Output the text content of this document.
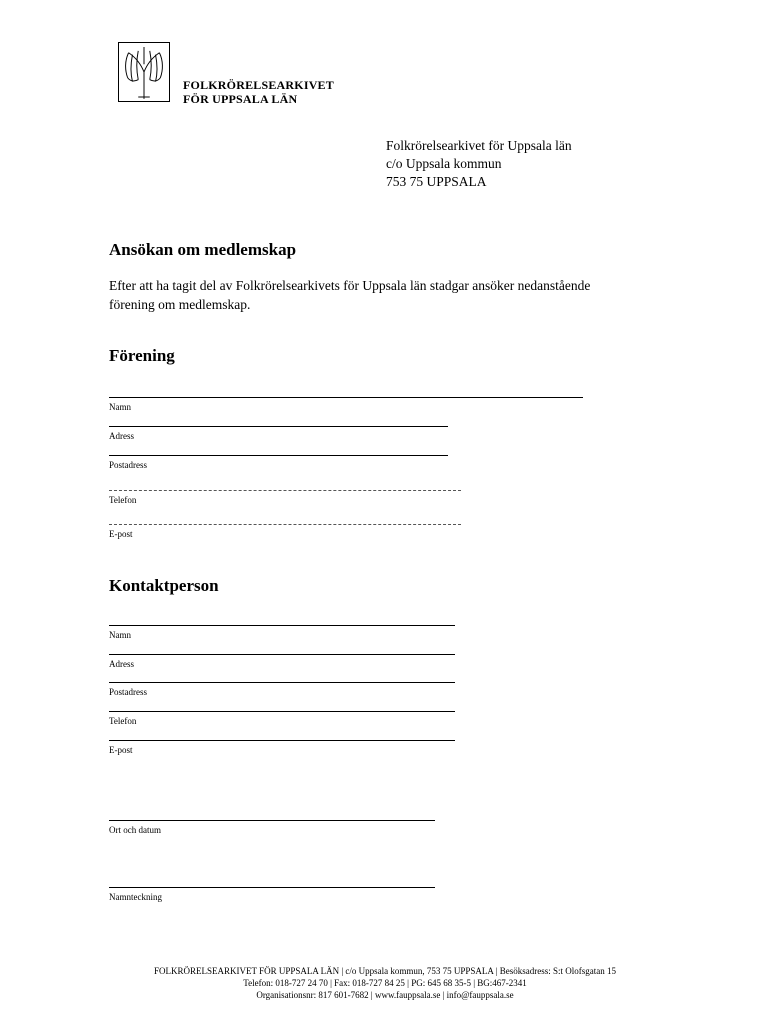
FOLKRÖRELSEARKIVET
FÖR UPPSALA LÄN
Folkrörelsearkivet för Uppsala län
c/o Uppsala kommun
753 75 UPPSALA
Ansökan om medlemskap
Efter att ha tagit del av Folkrörelsearkivets för Uppsala län stadgar ansöker nedanstående
förening om medlemskap.
Förening
Namn
Adress
Postadress
Telefon
E-post
Kontaktperson
Namn
Adress
Postadress
Telefon
E-post
Ort och datum
Namnteckning
FOLKRÖRELSEARKIVET FÖR UPPSALA LÄN | c/o Uppsala kommun, 753 75 UPPSALA | Besöksadress: S:t Olofsgatan 15
Telefon: 018-727 24 70 | Fax: 018-727 84 25 | PG: 645 68 35-5 | BG:467-2341
Organisationsnr: 817 601-7682 | www.fauppsala.se | info@fauppsala.se
